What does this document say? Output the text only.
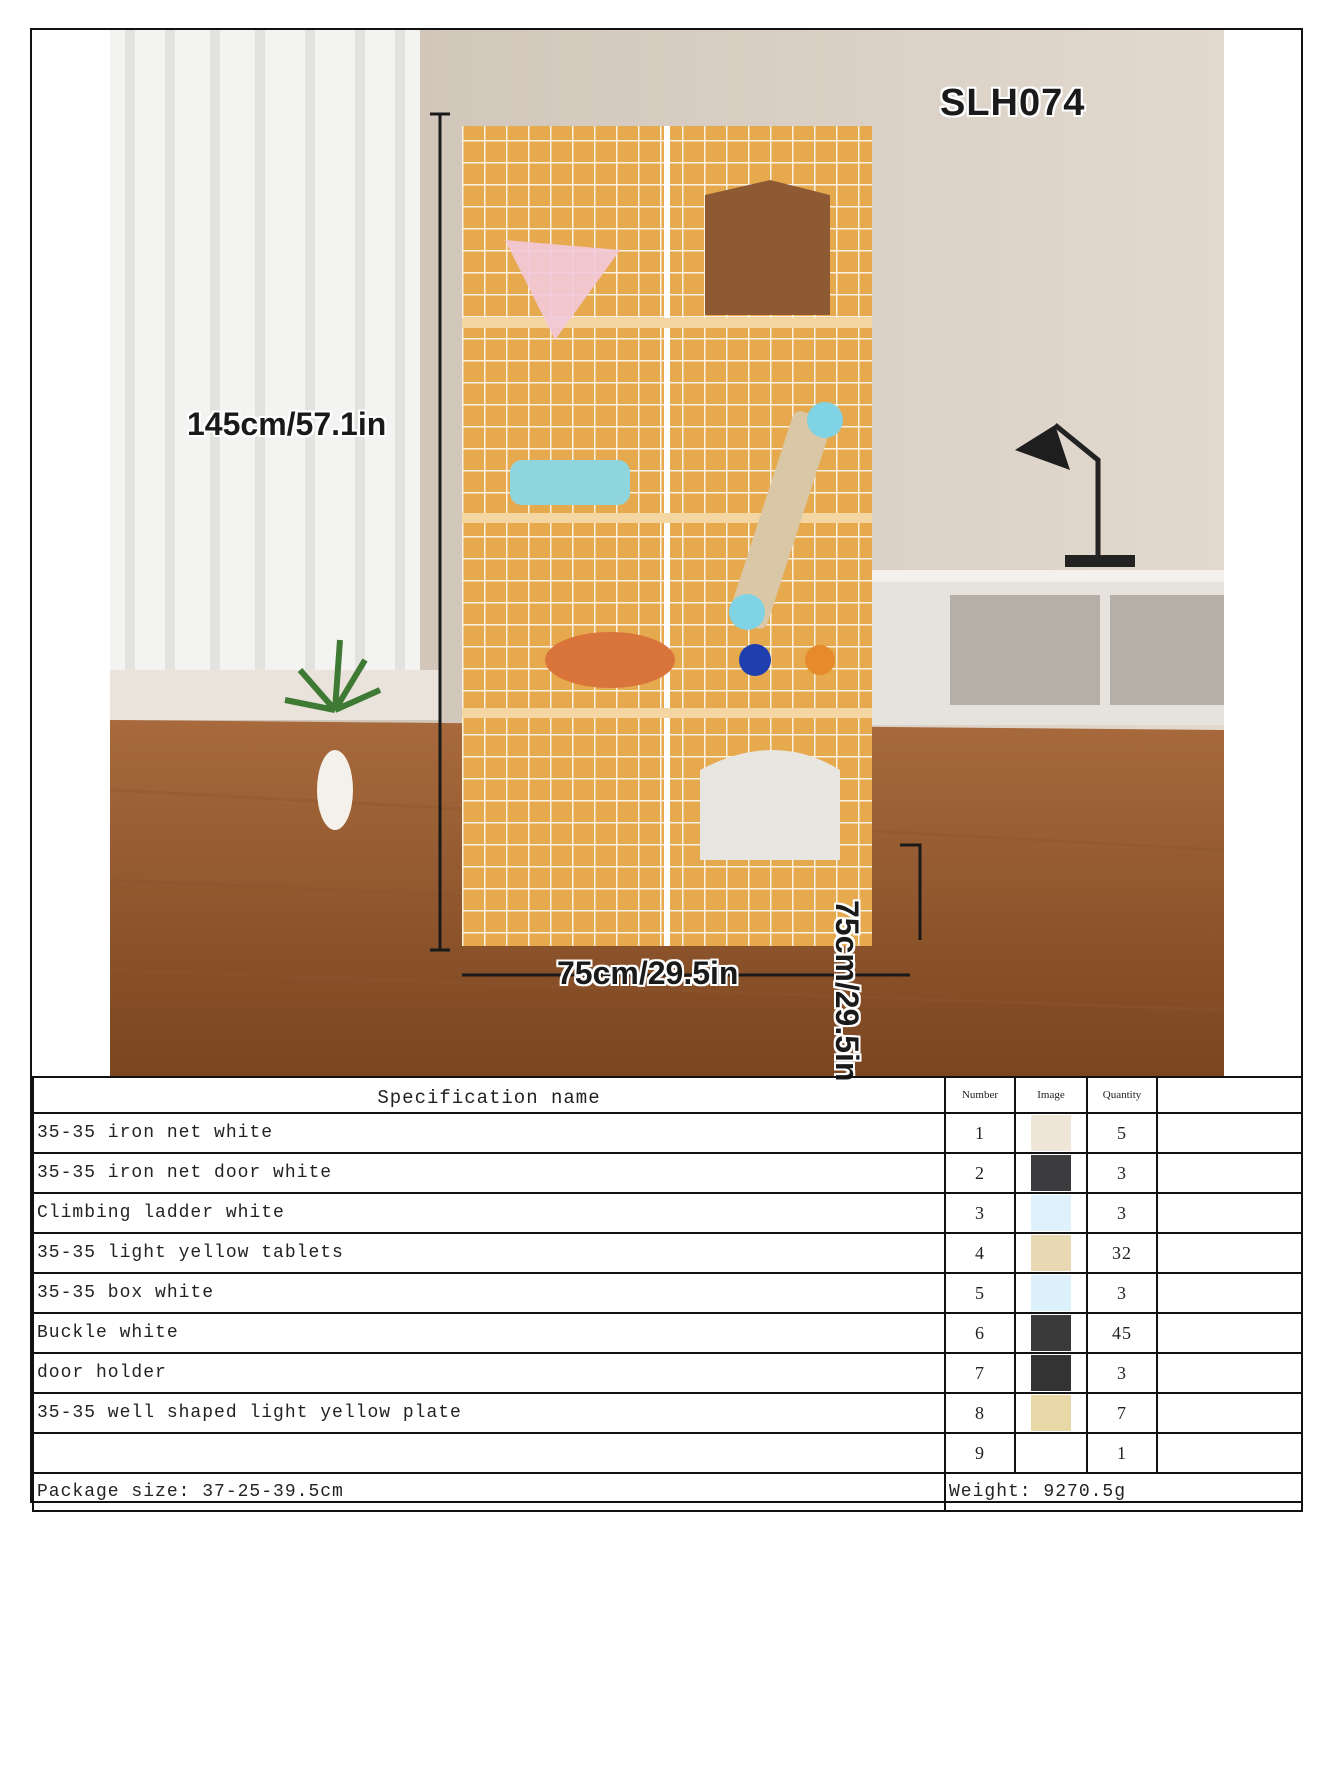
SLH074
145cm/57.1in
75cm/29.5in	75cm/29.5in
Specification name	Number	Image	Quantity	
35-35 iron net white	1		5	
35-35 iron net door white	2		3	
Climbing ladder white	3		3	
35-35 light yellow tablets	4		32	
35-35 box white	5		3	
Buckle white	6		45	
door holder	7		3	
35-35 well shaped light yellow plate	8		7	
	9		1	
Package size: 37-25-39.5cm	Weight: 9270.5g			
